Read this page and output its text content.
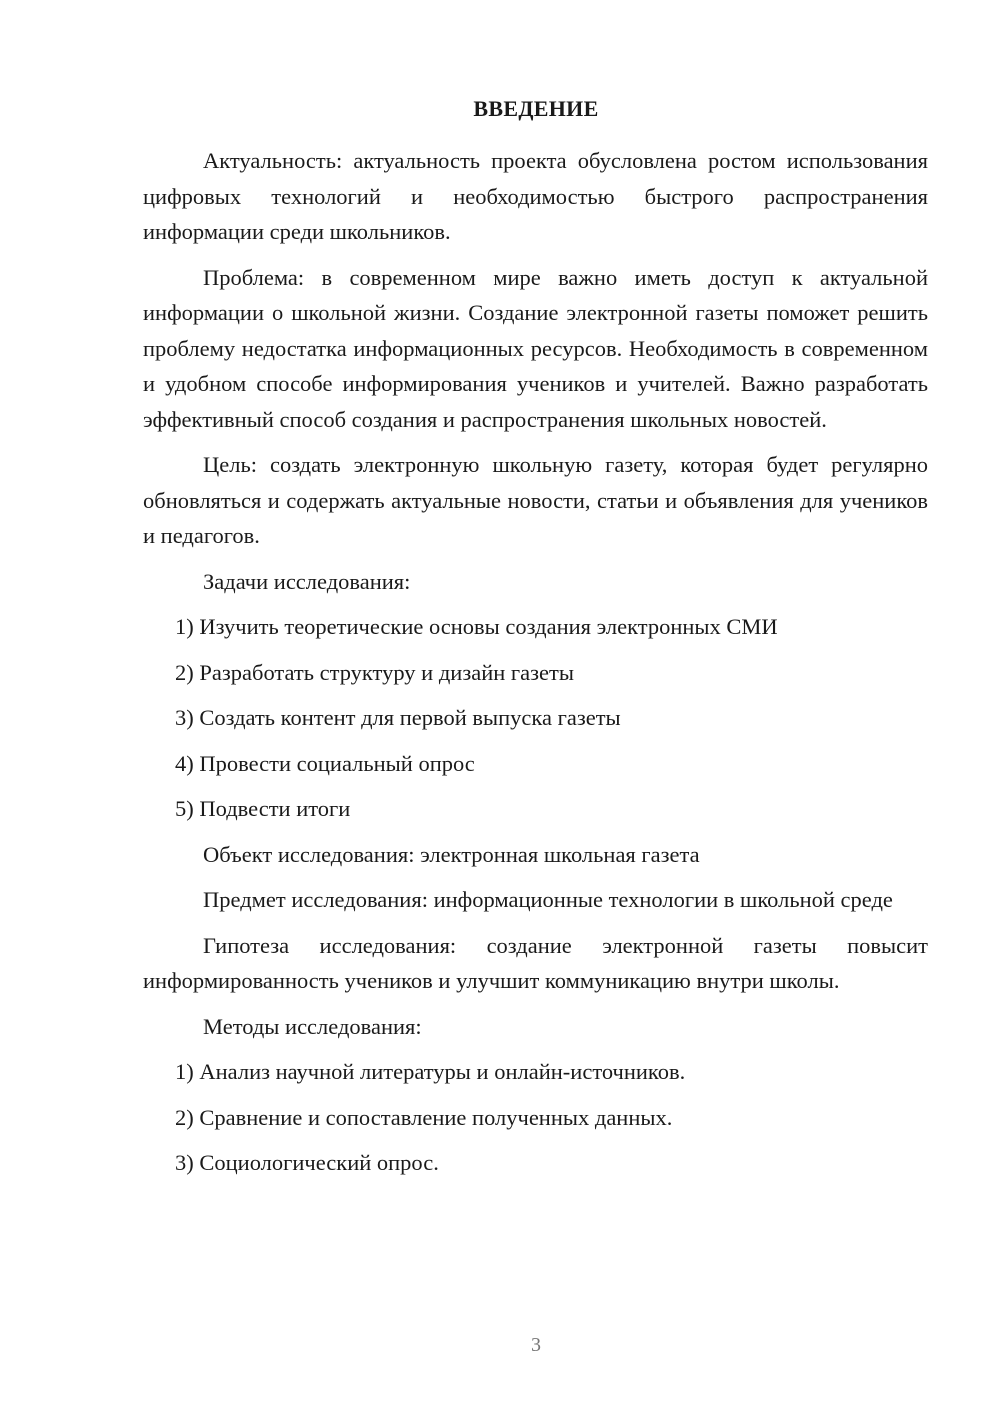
ВВЕДЕНИЕ

Актуальность: актуальность проекта обусловлена ростом использования цифровых технологий и необходимостью быстрого распространения информации среди школьников.

Проблема: в современном мире важно иметь доступ к актуальной информации о школьной жизни. Создание электронной газеты поможет решить проблему недостатка информационных ресурсов. Необходимость в современном и удобном способе информирования учеников и учителей. Важно разработать эффективный способ создания и распространения школьных новостей.

Цель: создать электронную школьную газету, которая будет регулярно обновляться и содержать актуальные новости, статьи и объявления для учеников и педагогов.

Задачи исследования:

1) Изучить теоретические основы создания электронных СМИ
2) Разработать структуру и дизайн газеты
3) Создать контент для первой выпуска газеты
4) Провести социальный опрос
5) Подвести итоги

Объект исследования: электронная школьная газета

Предмет исследования: информационные технологии в школьной среде

Гипотеза исследования: создание электронной газеты повысит информированность учеников и улучшит коммуникацию внутри школы.

Методы исследования:

1) Анализ научной литературы и онлайн-источников.
2) Сравнение и сопоставление полученных данных.
3) Социологический опрос.
3
